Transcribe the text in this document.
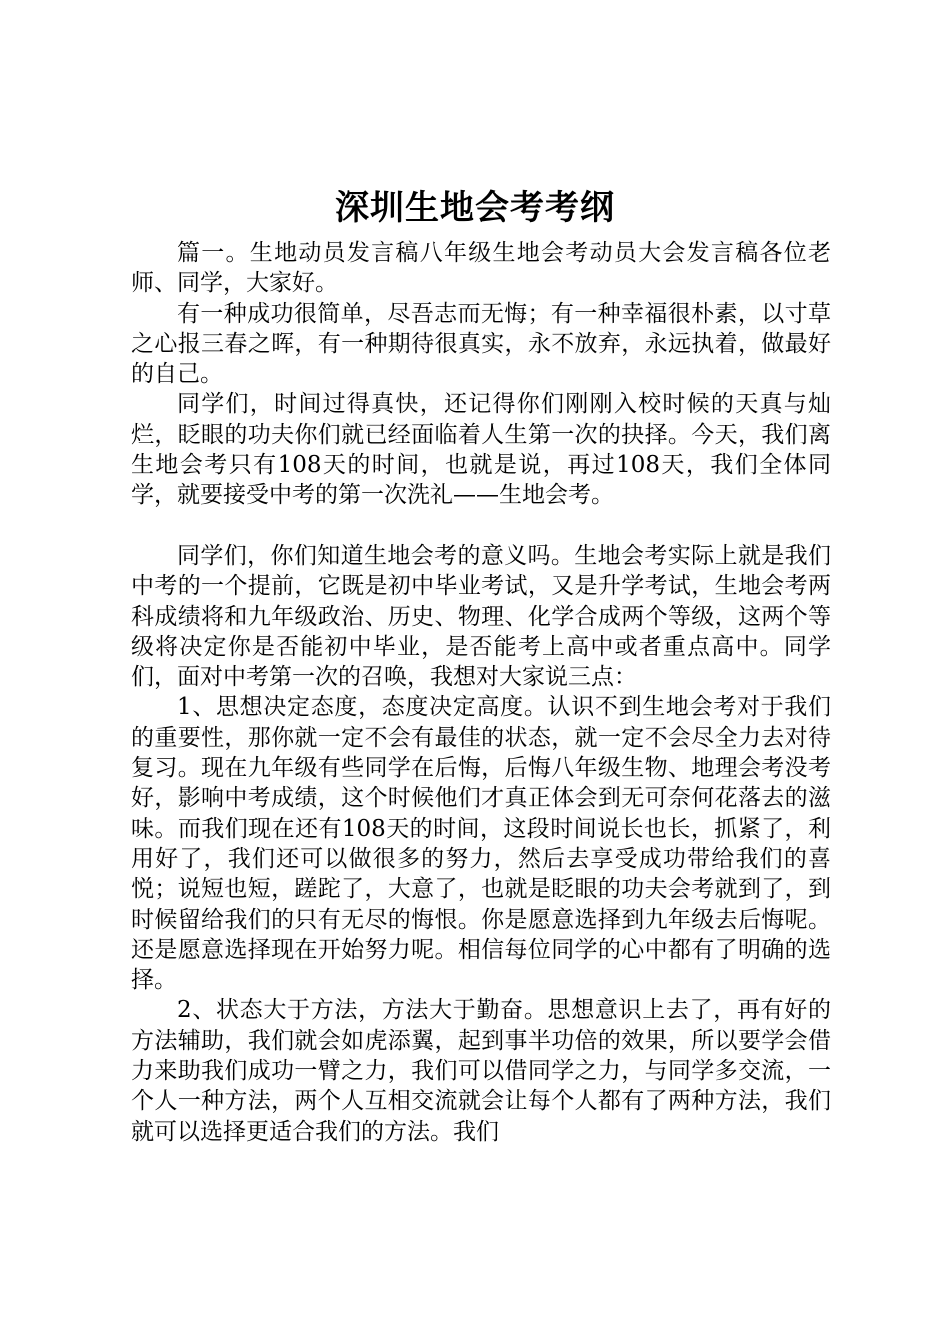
深圳生地会考考纲

篇一。生地动员发言稿八年级生地会考动员大会发言稿各位老师、同学，大家好。

有一种成功很简单，尽吾志而无悔；有一种幸福很朴素，以寸草之心报三春之晖，有一种期待很真实，永不放弃，永远执着，做最好的自己。

同学们，时间过得真快，还记得你们刚刚入校时候的天真与灿烂，眨眼的功夫你们就已经面临着人生第一次的抉择。今天，我们离生地会考只有108天的时间，也就是说，再过108天，我们全体同学，就要接受中考的第一次洗礼——生地会考。

同学们，你们知道生地会考的意义吗。生地会考实际上就是我们中考的一个提前，它既是初中毕业考试，又是升学考试，生地会考两科成绩将和九年级政治、历史、物理、化学合成两个等级，这两个等级将决定你是否能初中毕业，是否能考上高中或者重点高中。同学们，面对中考第一次的召唤，我想对大家说三点：

1、思想决定态度，态度决定高度。认识不到生地会考对于我们的重要性，那你就一定不会有最佳的状态，就一定不会尽全力去对待复习。现在九年级有些同学在后悔，后悔八年级生物、地理会考没考好，影响中考成绩，这个时候他们才真正体会到无可奈何花落去的滋味。而我们现在还有108天的时间，这段时间说长也长，抓紧了，利用好了，我们还可以做很多的努力，然后去享受成功带给我们的喜悦；说短也短，蹉跎了，大意了，也就是眨眼的功夫会考就到了，到时候留给我们的只有无尽的悔恨。你是愿意选择到九年级去后悔呢。还是愿意选择现在开始努力呢。相信每位同学的心中都有了明确的选择。

2、状态大于方法，方法大于勤奋。思想意识上去了，再有好的方法辅助，我们就会如虎添翼，起到事半功倍的效果，所以要学会借力来助我们成功一臂之力，我们可以借同学之力，与同学多交流，一个人一种方法，两个人互相交流就会让每个人都有了两种方法，我们就可以选择更适合我们的方法。我们
